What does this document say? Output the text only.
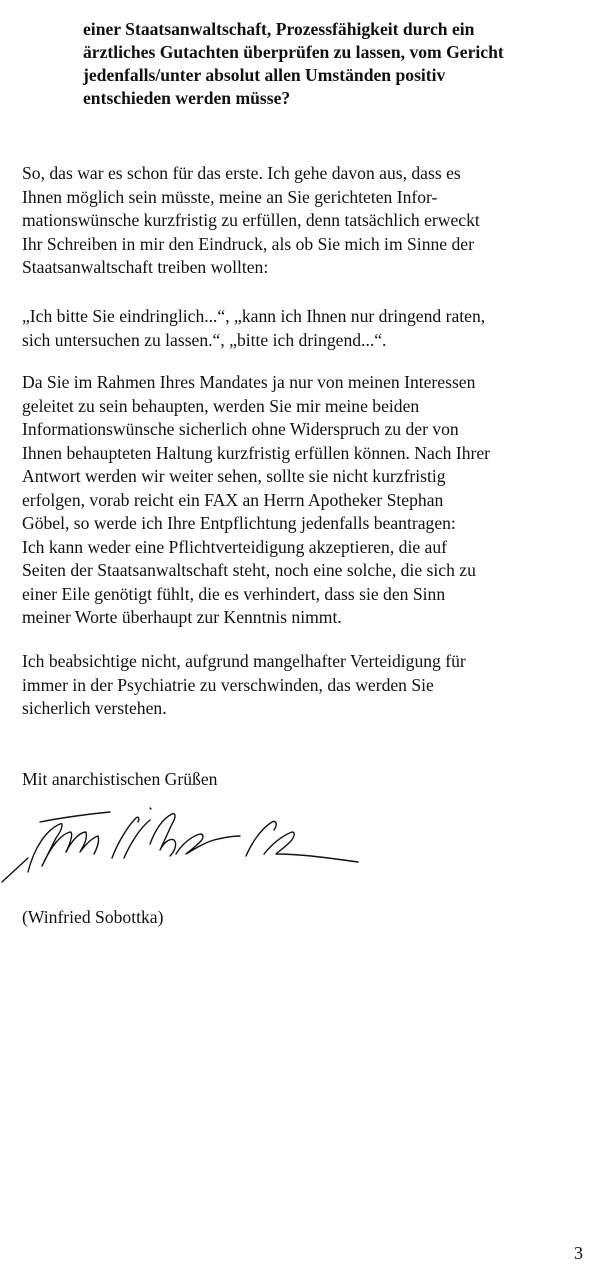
einer Staatsanwaltschaft, Prozessfähigkeit durch ein
ärztliches Gutachten überprüfen zu lassen, vom Gericht
jedenfalls/unter absolut allen Umständen positiv
entschieden werden müsse?
So, das war es schon für das erste. Ich gehe davon aus, dass es
Ihnen möglich sein müsste, meine an Sie gerichteten Infor-
mationswünsche kurzfristig zu erfüllen, denn tatsächlich erweckt
Ihr Schreiben in mir den Eindruck, als ob Sie mich im Sinne der
Staatsanwaltschaft treiben wollten:
„Ich bitte Sie eindringlich...“, „kann ich Ihnen nur dringend raten,
sich untersuchen zu lassen.“, „bitte ich dringend...“.
Da Sie im Rahmen Ihres Mandates ja nur von meinen Interessen
geleitet zu sein behaupten, werden Sie mir meine beiden
Informationswünsche sicherlich ohne Widerspruch zu der von
Ihnen behaupteten Haltung kurzfristig erfüllen können. Nach Ihrer
Antwort werden wir weiter sehen, sollte sie nicht kurzfristig
erfolgen, vorab reicht ein FAX an Herrn Apotheker Stephan
Göbel, so werde ich Ihre Entpflichtung jedenfalls beantragen:
Ich kann weder eine Pflichtverteidigung akzeptieren, die auf
Seiten der Staatsanwaltschaft steht, noch eine solche, die sich zu
einer Eile genötigt fühlt, die es verhindert, dass sie den Sinn
meiner Worte überhaupt zur Kenntnis nimmt.
Ich beabsichtige nicht, aufgrund mangelhafter Verteidigung für
immer in der Psychiatrie zu verschwinden, das werden Sie
sicherlich verstehen.
Mit anarchistischen Grüßen
(Winfried Sobottka)
3
